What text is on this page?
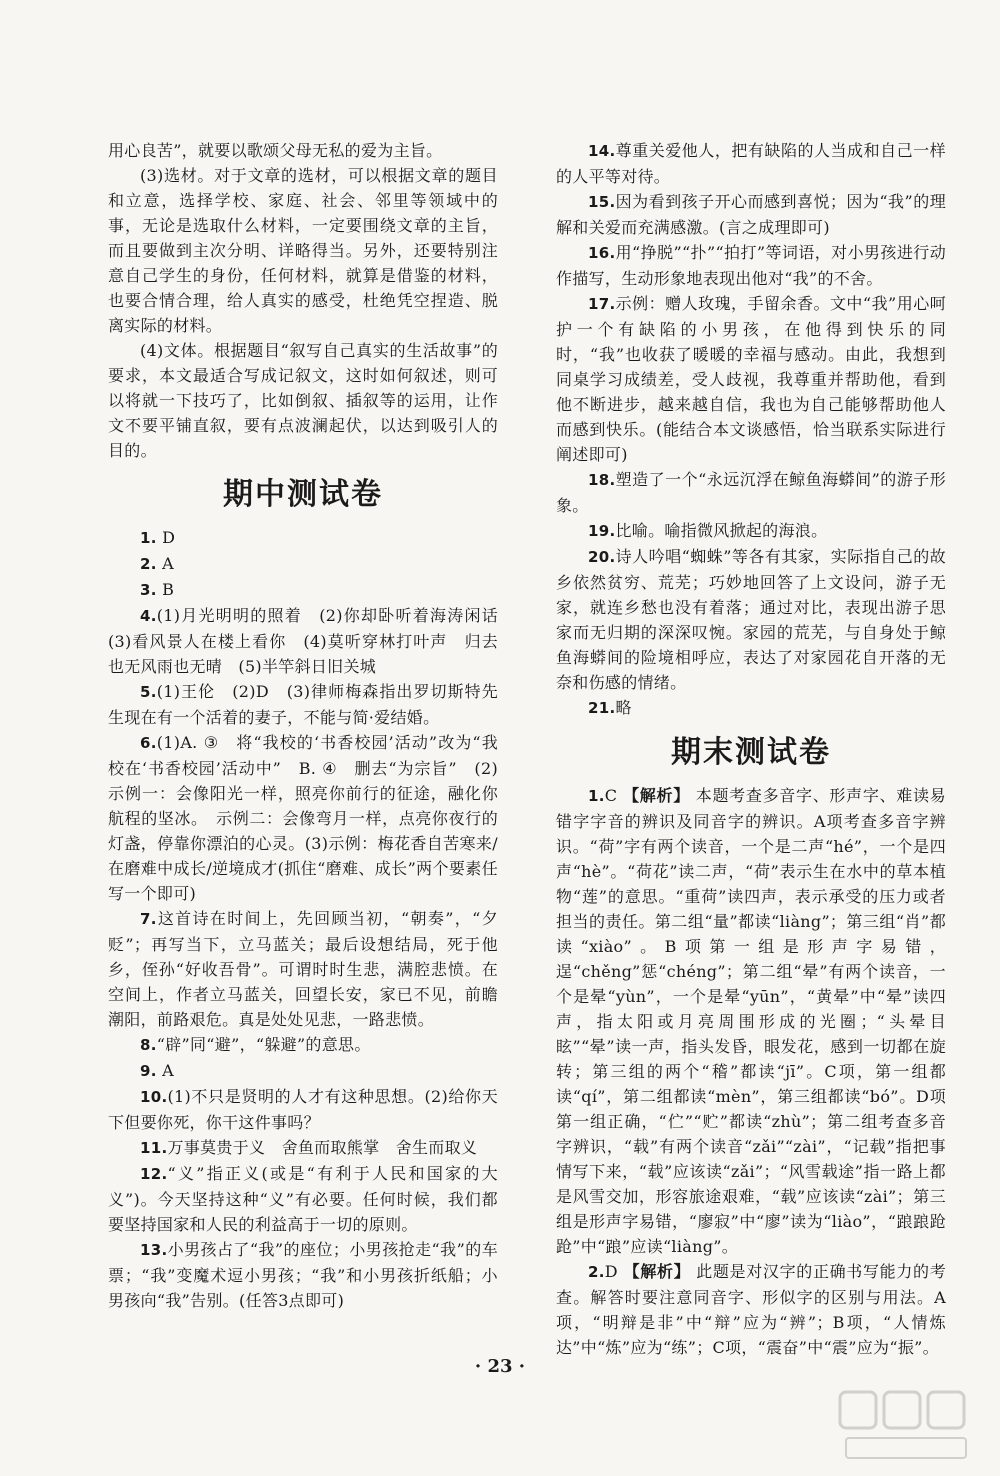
用心良苦”，就要以歌颂父母无私的爱为主旨。

(3)选材。对于文章的选材，可以根据文章的题目和立意，选择学校、家庭、社会、邻里等领域中的事，无论是选取什么材料，一定要围绕文章的主旨，而且要做到主次分明、详略得当。另外，还要特别注意自己学生的身份，任何材料，就算是借鉴的材料，也要合情合理，给人真实的感受，杜绝凭空捏造、脱离实际的材料。

(4)文体。根据题目“叙写自己真实的生活故事”的要求，本文最适合写成记叙文，这时如何叙述，则可以将就一下技巧了，比如倒叙、插叙等的运用，让作文不要平铺直叙，要有点波澜起伏，以达到吸引人的目的。

期中测试卷

1. D

2. A

3. B

4.(1)月光明明的照着　(2)你却卧听着海涛闲话　(3)看风景人在楼上看你　(4)莫听穿林打叶声　归去　也无风雨也无晴　(5)半竿斜日旧关城

5.(1)王伦　(2)D　(3)律师梅森指出罗切斯特先生现在有一个活着的妻子，不能与简·爱结婚。

6.(1)A. ③　将“我校的‘书香校园’活动”改为“我校在‘书香校园’活动中”　B. ④　删去“为宗旨”　(2)示例一：会像阳光一样，照亮你前行的征途，融化你航程的坚冰。　示例二：会像弯月一样，点亮你夜行的灯盏，停靠你漂泊的心灵。(3)示例：梅花香自苦寒来/在磨难中成长/逆境成才(抓住“磨难、成长”两个要素任写一个即可)

7.这首诗在时间上，先回顾当初，“朝奏”，“夕贬”；再写当下，立马蓝关；最后设想结局，死于他乡，侄孙“好收吾骨”。可谓时时生悲，满腔悲愤。在空间上，作者立马蓝关，回望长安，家已不见，前瞻潮阳，前路艰危。真是处处见悲，一路悲愤。

8.“辟”同“避”，“躲避”的意思。

9. A

10.(1)不只是贤明的人才有这种思想。(2)给你天下但要你死，你干这件事吗？

11.万事莫贵于义　舍鱼而取熊掌　舍生而取义

12.“义”指正义(或是“有利于人民和国家的大义”)。今天坚持这种“义”有必要。任何时候，我们都要坚持国家和人民的利益高于一切的原则。

13.小男孩占了“我”的座位；小男孩抢走“我”的车票；“我”变魔术逗小男孩；“我”和小男孩折纸船；小男孩向“我”告别。(任答3点即可)

14.尊重关爱他人，把有缺陷的人当成和自己一样的人平等对待。

15.因为看到孩子开心而感到喜悦；因为“我”的理解和关爱而充满感激。(言之成理即可)

16.用“挣脱”“扑”“拍打”等词语，对小男孩进行动作描写，生动形象地表现出他对“我”的不舍。

17.示例：赠人玫瑰，手留余香。文中“我”用心呵护一个有缺陷的小男孩，在他得到快乐的同时，“我”也收获了暖暖的幸福与感动。由此，我想到同桌学习成绩差，受人歧视，我尊重并帮助他，看到他不断进步，越来越自信，我也为自己能够帮助他人而感到快乐。(能结合本文谈感悟，恰当联系实际进行阐述即可)

18.塑造了一个“永远沉浮在鲸鱼海蟒间”的游子形象。

19.比喻。喻指微风掀起的海浪。

20.诗人吟唱“蜘蛛”等各有其家，实际指自己的故乡依然贫穷、荒芜；巧妙地回答了上文设问，游子无家，就连乡愁也没有着落；通过对比，表现出游子思家而无归期的深深叹惋。家园的荒芜，与自身处于鲸鱼海蟒间的险境相呼应，表达了对家园花自开落的无奈和伤感的情绪。

21.略

期末测试卷

1.C 【解析】 本题考查多音字、形声字、难读易错字字音的辨识及同音字的辨识。A项考查多音字辨识。“荷”字有两个读音，一个是二声“hé”，一个是四声“hè”。“荷花”读二声，“荷”表示生在水中的草本植物“莲”的意思。“重荷”读四声，表示承受的压力或者担当的责任。第二组“量”都读“liàng”；第三组“肖”都读“xiào”。B项第一组是形声字易错，逞“chěng”惩“chéng”；第二组“晕”有两个读音，一个是晕“yùn”，一个是晕“yūn”，“黄晕”中“晕”读四声，指太阳或月亮周围形成的光圈；“头晕目眩”“晕”读一声，指头发昏，眼发花，感到一切都在旋转；第三组的两个“稽”都读“jī”。C项，第一组都读“qí”，第二组都读“mèn”，第三组都读“bó”。D项第一组正确，“伫”“贮”都读“zhù”；第二组考查多音字辨识，“载”有两个读音“zǎi”“zài”，“记载”指把事情写下来，“载”应该读“zǎi”；“风雪载途”指一路上都是风雪交加，形容旅途艰难，“载”应该读“zài”；第三组是形声字易错，“廖寂”中“廖”读为“liào”，“踉踉跄跄”中“踉”应读“liàng”。

2.D 【解析】 此题是对汉字的正确书写能力的考查。解答时要注意同音字、形似字的区别与用法。A项，“明辩是非”中“辩”应为“辨”；B项，“人情炼达”中“炼”应为“练”；C项，“震奋”中“震”应为“振”。

· 23 ·
